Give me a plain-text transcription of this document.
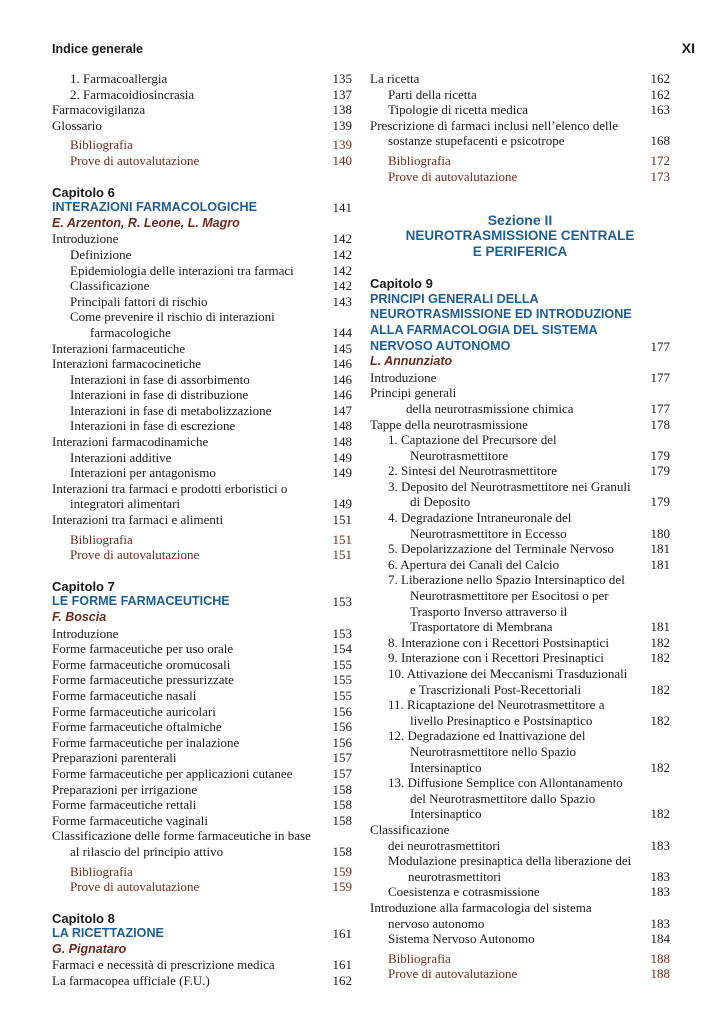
Indice generale	XI
1. Farmacoallergia	135
2. Farmacoidiosincrasia	137
Farmacovigilanza	138
Glossario	139
Bibliografia	139
Prove di autovalutazione	140
Capitolo 6
INTERAZIONI FARMACOLOGICHE	141
E. Arzenton, R. Leone, L. Magro
Introduzione	142
Definizione	142
Epidemiologia delle interazioni tra farmaci	142
Classificazione	142
Principali fattori di rischio	143
Come prevenire il rischio di interazioni farmacologiche	144
Interazioni farmaceutiche	145
Interazioni farmacocinetiche	146
Interazioni in fase di assorbimento	146
Interazioni in fase di distribuzione	146
Interazioni in fase di metabolizzazione	147
Interazioni in fase di escrezione	148
Interazioni farmacodinamiche	148
Interazioni additive	149
Interazioni per antagonismo	149
Interazioni tra farmaci e prodotti erboristici o integratori alimentari	149
Interazioni tra farmaci e alimenti	151
Bibliografia	151
Prove di autovalutazione	151
Capitolo 7
LE FORME FARMACEUTICHE	153
F. Boscia
Introduzione	153
Forme farmaceutiche per uso orale	154
Forme farmaceutiche oromucosali	155
Forme farmaceutiche pressurizzate	155
Forme farmaceutiche nasali	155
Forme farmaceutiche auricolari	156
Forme farmaceutiche oftalmiche	156
Forme farmaceutiche per inalazione	156
Preparazioni parenterali	157
Forme farmaceutiche per applicazioni cutanee	157
Preparazioni per irrigazione	158
Forme farmaceutiche rettali	158
Forme farmaceutiche vaginali	158
Classificazione delle forme farmaceutiche in base al rilascio del principio attivo	158
Bibliografia	159
Prove di autovalutazione	159
Capitolo 8
LA RICETTAZIONE	161
G. Pignataro
Farmaci e necessità di prescrizione medica	161
La farmacopea ufficiale (F.U.)	162
La ricetta	162
Parti della ricetta	162
Tipologie di ricetta medica	163
Prescrizione di farmaci inclusi nell’elenco delle sostanze stupefacenti e psicotrope	168
Bibliografia	172
Prove di autovalutazione	173
Sezione II
NEUROTRASMISSIONE CENTRALE
E PERIFERICA
Capitolo 9
PRINCIPI GENERALI DELLA NEUROTRASMISSIONE ED INTRODUZIONE ALLA FARMACOLOGIA DEL SISTEMA NERVOSO AUTONOMO	177
L. Annunziato
Introduzione	177
Principi generali
della neurotrasmissione chimica	177
Tappe della neurotrasmissione	178
1. Captazione del Precursore del Neurotrasmettitore	179
2. Sintesi del Neurotrasmettitore	179
3. Deposito del Neurotrasmettitore nei Granuli di Deposito	179
4. Degradazione Intraneuronale del Neurotrasmettitore in Eccesso	180
5. Depolarizzazione del Terminale Nervoso	181
6. Apertura dei Canali del Calcio	181
7. Liberazione nello Spazio Intersinaptico del Neurotrasmettitore per Esocitosi o per Trasporto Inverso attraverso il Trasportatore di Membrana	181
8. Interazione con i Recettori Postsinaptici	182
9. Interazione con i Recettori Presinaptici	182
10. Attivazione dei Meccanismi Trasduzionali e Trascrizionali Post-Recettoriali	182
11. Ricaptazione del Neurotrasmettitore a livello Presinaptico e Postsinaptico	182
12. Degradazione ed Inattivazione del Neurotrasmettitore nello Spazio Intersinaptico	182
13. Diffusione Semplice con Allontanamento del Neurotrasmettitore dallo Spazio Intersinaptico	182
Classificazione
dei neurotrasmettitori	183
Modulazione presinaptica della liberazione dei neurotrasmettitori	183
Coesistenza e cotrasmissione	183
Introduzione alla farmacologia del sistema nervoso autonomo	183
Sistema Nervoso Autonomo	184
Bibliografia	188
Prove di autovalutazione	188
